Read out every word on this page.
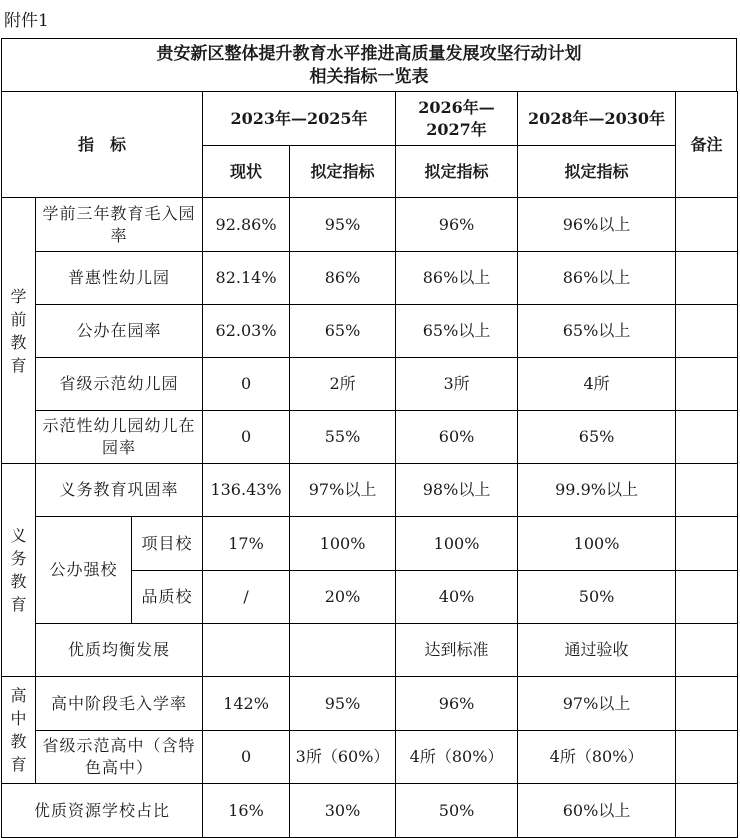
附件1
贵安新区整体提升教育水平推进高质量发展攻坚行动计划
相关指标一览表
指　标			2023年—2025年		2026年—2027年	2028年—2030年	备注
			现状	拟定指标	拟定指标	拟定指标	
学前教育	学前三年教育毛入园率		92.86%	95%	96%	96%以上	
	普惠性幼儿园		82.14%	86%	86%以上	86%以上	
	公办在园率		62.03%	65%	65%以上	65%以上	
	省级示范幼儿园		0	2所	3所	4所	
	示范性幼儿园幼儿在园率		0	55%	60%	65%	
义务教育	义务教育巩固率		136.43%	97%以上	98%以上	99.9%以上	
	公办强校	项目校	17%	100%	100%	100%	
		品质校	/	20%	40%	50%	
	优质均衡发展				达到标准	通过验收	
高中教育	高中阶段毛入学率		142%	95%	96%	97%以上	
	省级示范高中（含特色高中）		0	3所（60%）	4所（80%）	4所（80%）	
优质资源学校占比			16%	30%	50%	60%以上	
